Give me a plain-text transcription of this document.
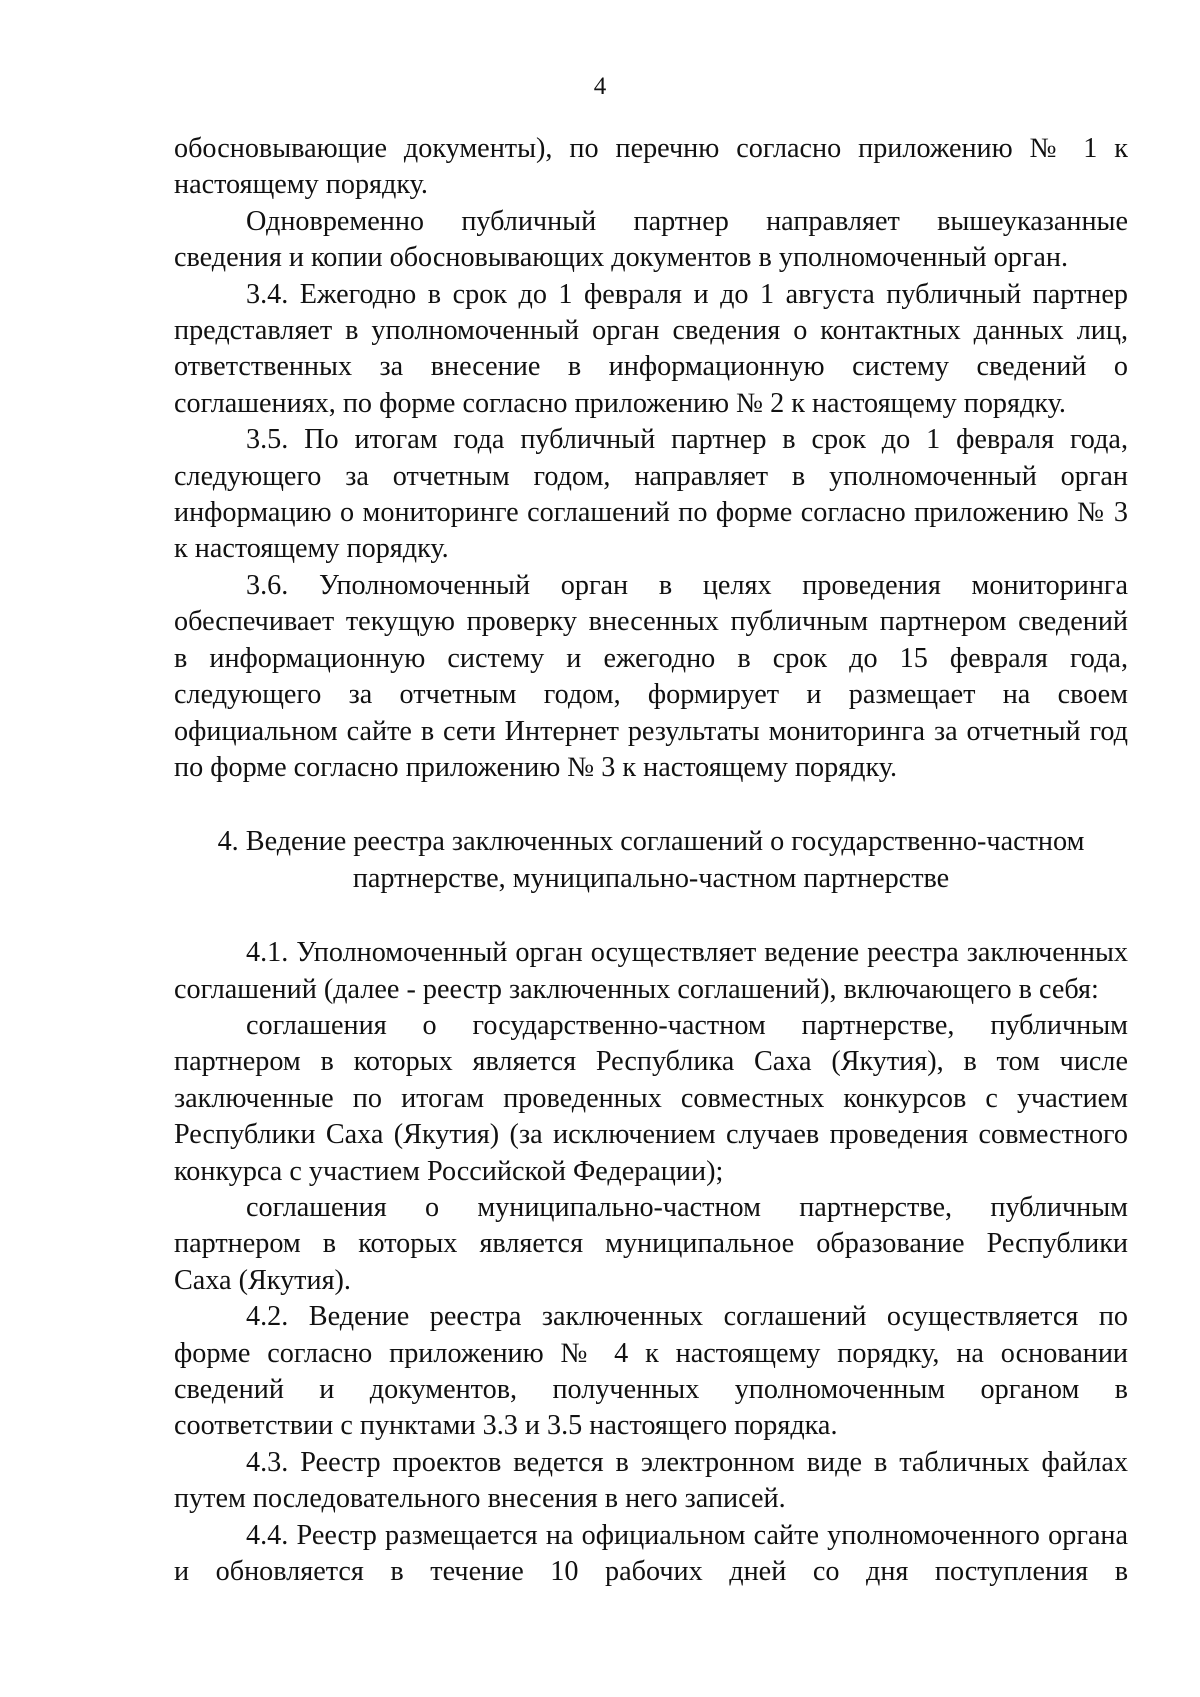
4
обосновывающие документы), по перечню согласно приложению № 1 к
настоящему порядку.
Одновременно публичный партнер направляет вышеуказанные
сведения и копии обосновывающих документов в уполномоченный орган.
3.4. Ежегодно в срок до 1 февраля и до 1 августа публичный партнер
представляет в уполномоченный орган сведения о контактных данных лиц,
ответственных за внесение в информационную систему сведений о
соглашениях, по форме согласно приложению № 2 к настоящему порядку.
3.5. По итогам года публичный партнер в срок до 1 февраля года,
следующего за отчетным годом, направляет в уполномоченный орган
информацию о мониторинге соглашений по форме согласно приложению № 3
к настоящему порядку.
3.6. Уполномоченный орган в целях проведения мониторинга
обеспечивает текущую проверку внесенных публичным партнером сведений
в информационную систему и ежегодно в срок до 15 февраля года,
следующего за отчетным годом, формирует и размещает на своем
официальном сайте в сети Интернет результаты мониторинга за отчетный год
по форме согласно приложению № 3 к настоящему порядку.
4. Ведение реестра заключенных соглашений о государственно-частном
партнерстве, муниципально-частном партнерстве
4.1. Уполномоченный орган осуществляет ведение реестра заключенных
соглашений (далее - реестр заключенных соглашений), включающего в себя:
соглашения о государственно-частном партнерстве, публичным
партнером в которых является Республика Саха (Якутия), в том числе
заключенные по итогам проведенных совместных конкурсов с участием
Республики Саха (Якутия) (за исключением случаев проведения совместного
конкурса с участием Российской Федерации);
соглашения о муниципально-частном партнерстве, публичным
партнером в которых является муниципальное образование Республики
Саха (Якутия).
4.2. Ведение реестра заключенных соглашений осуществляется по
форме согласно приложению № 4 к настоящему порядку, на основании
сведений и документов, полученных уполномоченным органом в
соответствии с пунктами 3.3 и 3.5 настоящего порядка.
4.3. Реестр проектов ведется в электронном виде в табличных файлах
путем последовательного внесения в него записей.
4.4. Реестр размещается на официальном сайте уполномоченного органа
и обновляется в течение 10 рабочих дней со дня поступления в
